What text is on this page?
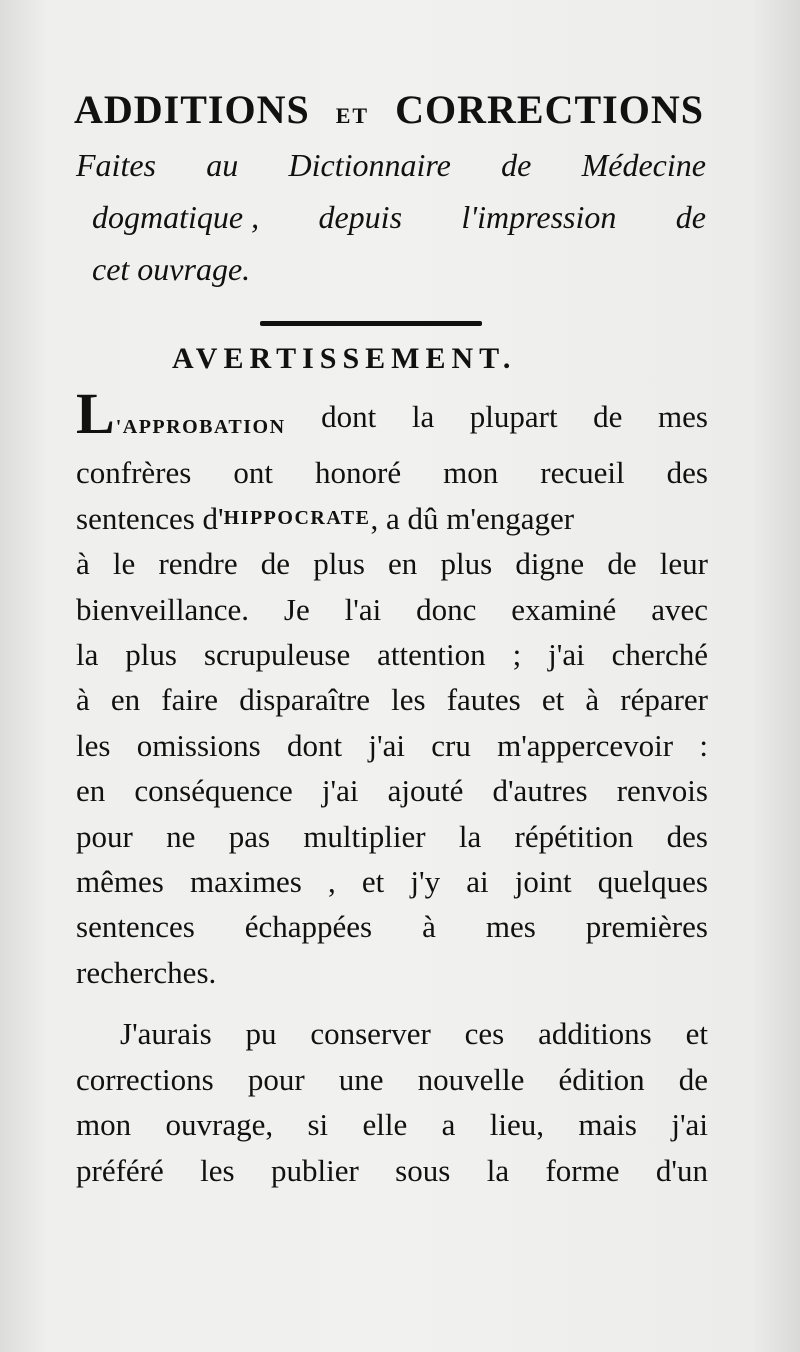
ADDITIONS ET CORRECTIONS
Faites au Dictionnaire de Médecine
dogmatique , depuis l'impression de
cet ouvrage.
AVERTISSEMENT.
L'APPROBATION dont la plupart de mes
confrères ont honoré mon recueil des
sentences d' HIPPOCRATE , a dû m'engager
à le rendre de plus en plus digne de leur
bienveillance. Je l'ai donc examiné avec
la plus scrupuleuse attention ; j'ai cherché
à en faire disparaître les fautes et à réparer
les omissions dont j'ai cru m'appercevoir :
en conséquence j'ai ajouté d'autres renvois
pour ne pas multiplier la répétition des
mêmes maximes , et j'y ai joint quelques
sentences échappées à mes premières
recherches.
J'aurais pu conserver ces additions et
corrections pour une nouvelle édition de
mon ouvrage, si elle a lieu, mais j'ai
préféré les publier sous la forme d'un
